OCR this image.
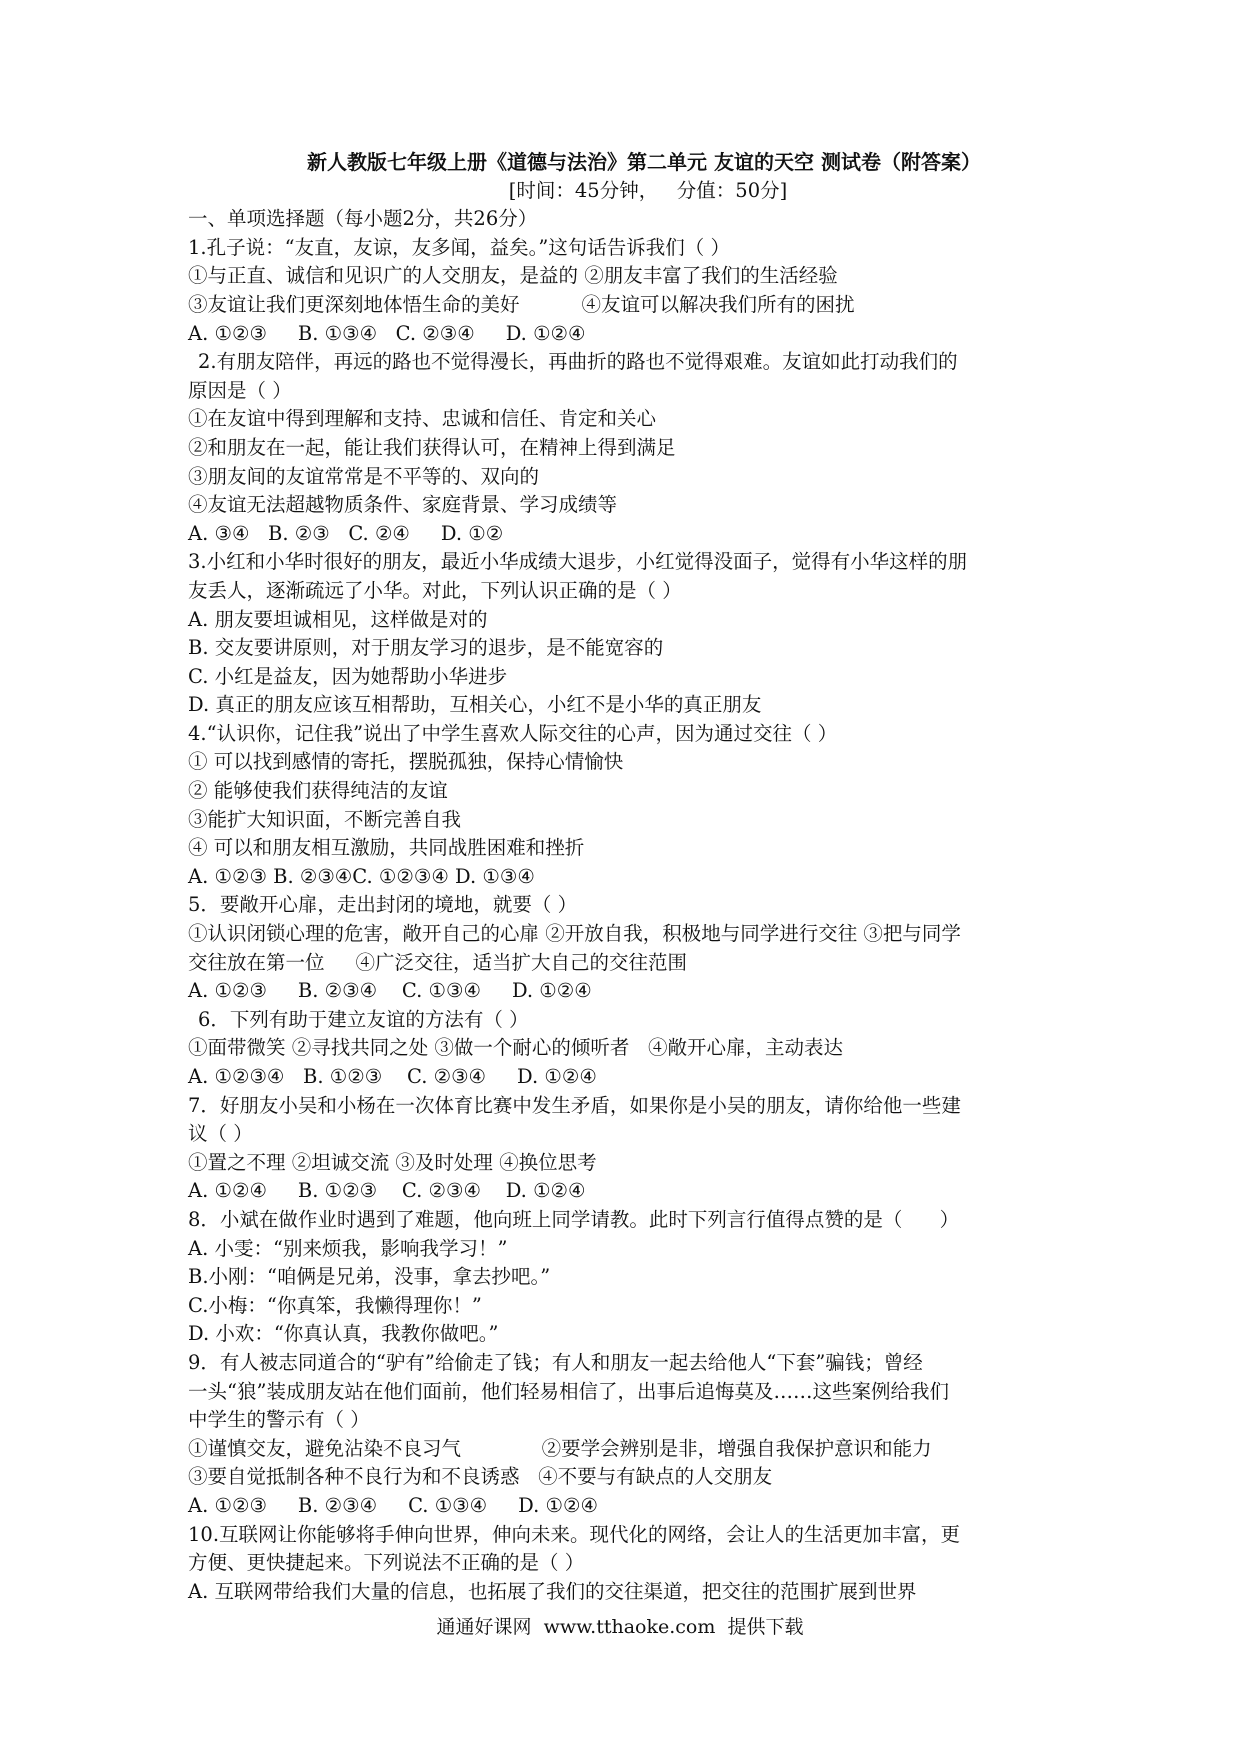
新人教版七年级上册《道德与法治》第二单元 友谊的天空 测试卷（附答案）
[时间：45分钟，   分值：50分]
一、单项选择题（每小题2分，共26分）
1.孔子说：“友直，友谅，友多闻，益矣。”这句话告诉我们（ ）
①与正直、诚信和见识广的人交朋友，是益的 ②朋友丰富了我们的生活经验
③友谊让我们更深刻地体悟生命的美好          ④友谊可以解决我们所有的困扰
A. ①②③     B. ①③④   C. ②③④     D. ①②④
2.有朋友陪伴，再远的路也不觉得漫长，再曲折的路也不觉得艰难。友谊如此打动我们的
原因是（ ）
①在友谊中得到理解和支持、忠诚和信任、肯定和关心
②和朋友在一起，能让我们获得认可，在精神上得到满足
③朋友间的友谊常常是不平等的、双向的
④友谊无法超越物质条件、家庭背景、学习成绩等
A. ③④   B. ②③   C. ②④     D. ①②
3.小红和小华时很好的朋友，最近小华成绩大退步，小红觉得没面子，觉得有小华这样的朋
友丢人，逐渐疏远了小华。对此，下列认识正确的是（ ）
A. 朋友要坦诚相见，这样做是对的
B. 交友要讲原则，对于朋友学习的退步，是不能宽容的
C. 小红是益友，因为她帮助小华进步
D. 真正的朋友应该互相帮助，互相关心，小红不是小华的真正朋友
4.“认识你，记住我”说出了中学生喜欢人际交往的心声，因为通过交往（ ）
① 可以找到感情的寄托，摆脱孤独，保持心情愉快
② 能够使我们获得纯洁的友谊
③能扩大知识面，不断完善自我
④ 可以和朋友相互激励，共同战胜困难和挫折
A. ①②③ B. ②③④C. ①②③④ D. ①③④
5．要敞开心扉，走出封闭的境地，就要（ ）
①认识闭锁心理的危害，敞开自己的心扉 ②开放自我，积极地与同学进行交往 ③把与同学
交往放在第一位     ④广泛交往，适当扩大自己的交往范围
A. ①②③     B. ②③④    C. ①③④     D. ①②④
6．下列有助于建立友谊的方法有（ ）
①面带微笑 ②寻找共同之处 ③做一个耐心的倾听者   ④敞开心扉，主动表达
A. ①②③④   B. ①②③    C. ②③④     D. ①②④
7．好朋友小吴和小杨在一次体育比赛中发生矛盾，如果你是小吴的朋友，请你给他一些建
议（ ）
①置之不理 ②坦诚交流 ③及时处理 ④换位思考
A. ①②④     B. ①②③    C. ②③④    D. ①②④
8．小斌在做作业时遇到了难题，他向班上同学请教。此时下列言行值得点赞的是（      ）
A. 小雯：“别来烦我，影响我学习！”
B.小刚：“咱俩是兄弟，没事，拿去抄吧。”
C.小梅：“你真笨，我懒得理你！”
D. 小欢：“你真认真，我教你做吧。”
9．有人被志同道合的“驴有”给偷走了钱；有人和朋友一起去给他人“下套”骗钱；曾经
一头“狼”装成朋友站在他们面前，他们轻易相信了，出事后追悔莫及……这些案例给我们
中学生的警示有（ ）
①谨慎交友，避免沾染不良习气             ②要学会辨别是非，增强自我保护意识和能力
③要自觉抵制各种不良行为和不良诱惑   ④不要与有缺点的人交朋友
A. ①②③     B. ②③④     C. ①③④     D. ①②④
10.互联网让你能够将手伸向世界，伸向未来。现代化的网络，会让人的生活更加丰富，更
方便、更快捷起来。下列说法不正确的是（ ）
A. 互联网带给我们大量的信息，也拓展了我们的交往渠道，把交往的范围扩展到世界
通通好课网  www.tthaoke.com  提供下载
